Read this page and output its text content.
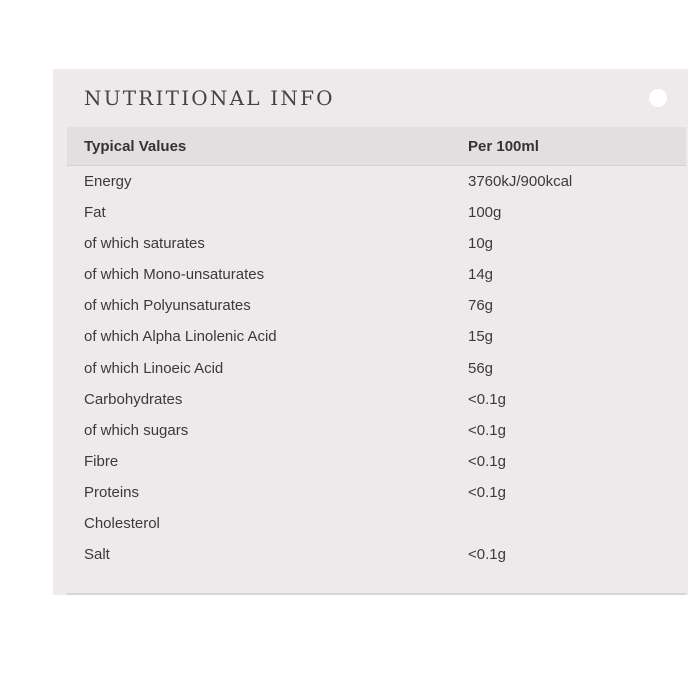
NUTRITIONAL INFO
Typical Values	Per 100ml
Energy	3760kJ/900kcal
Fat	100g
of which saturates	10g
of which Mono-unsaturates	14g
of which Polyunsaturates	76g
of which Alpha Linolenic Acid	15g
of which Linoeic Acid	56g
Carbohydrates	<0.1g
of which sugars	<0.1g
Fibre	<0.1g
Proteins	<0.1g
Cholesterol
Salt	<0.1g
